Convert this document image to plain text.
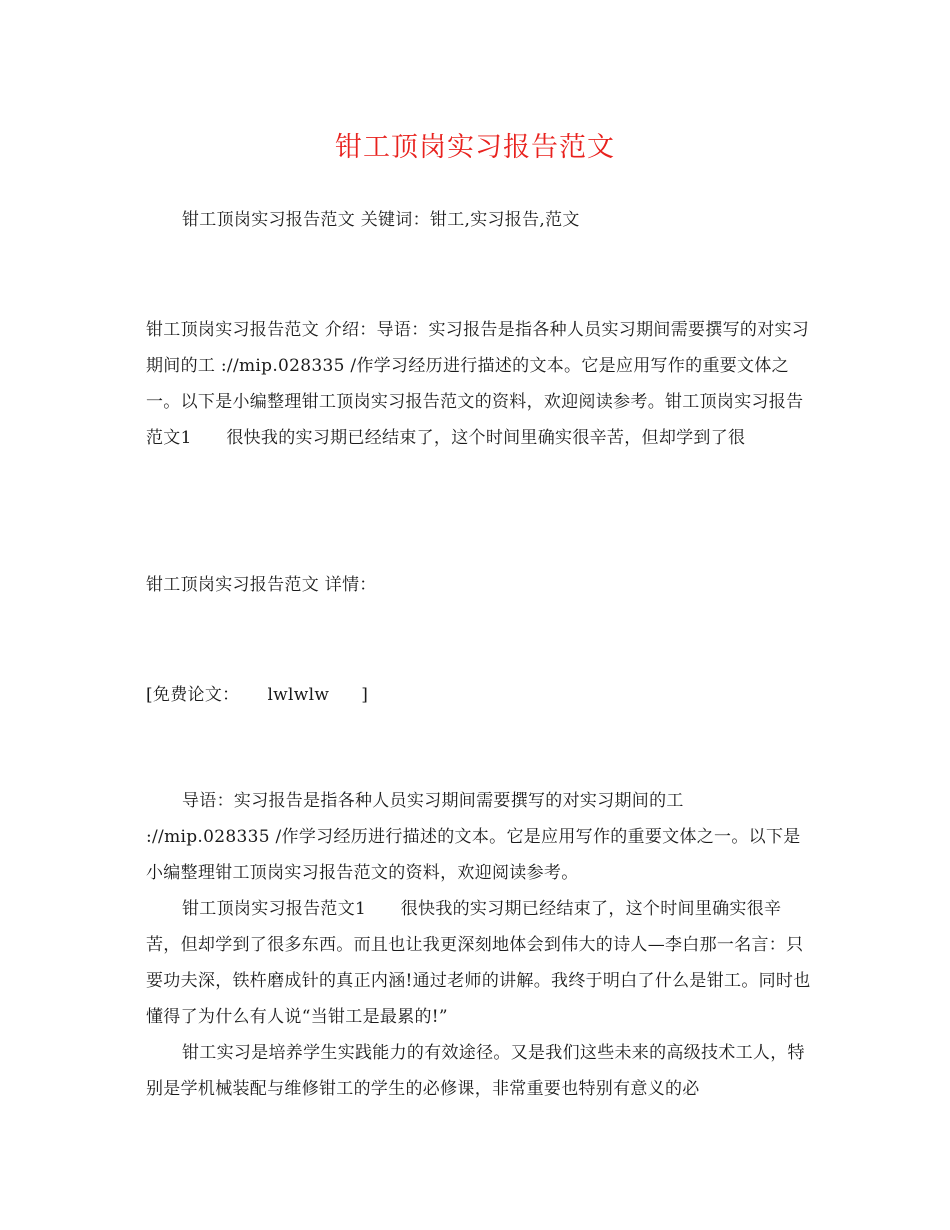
钳工顶岗实习报告范文
钳工顶岗实习报告范文 关键词：钳工,实习报告,范文
钳工顶岗实习报告范文 介绍：导语：实习报告是指各种人员实习期间需要撰写的对实习期间的工 ://mip.028335 /作学习经历进行描述的文本。它是应用写作的重要文体之一。以下是小编整理钳工顶岗实习报告范文的资料，欢迎阅读参考。钳工顶岗实习报告范文1　　很快我的实习期已经结束了，这个时间里确实很辛苦，但却学到了很
钳工顶岗实习报告范文 详情：
[免费论文： lwlwlw ]

导语：实习报告是指各种人员实习期间需要撰写的对实习期间的工 ://mip.028335 /作学习经历进行描述的文本。它是应用写作的重要文体之一。以下是小编整理钳工顶岗实习报告范文的资料，欢迎阅读参考。

钳工顶岗实习报告范文1　　很快我的实习期已经结束了，这个时间里确实很辛苦，但却学到了很多东西。而且也让我更深刻地体会到伟大的诗人—李白那一名言：只要功夫深，铁杵磨成针的真正内涵!通过老师的讲解。我终于明白了什么是钳工。同时也懂得了为什么有人说“当钳工是最累的!”

钳工实习是培养学生实践能力的有效途径。又是我们这些未来的高级技术工人，特别是学机械装配与维修钳工的学生的必修课，非常重要也特别有意义的必
